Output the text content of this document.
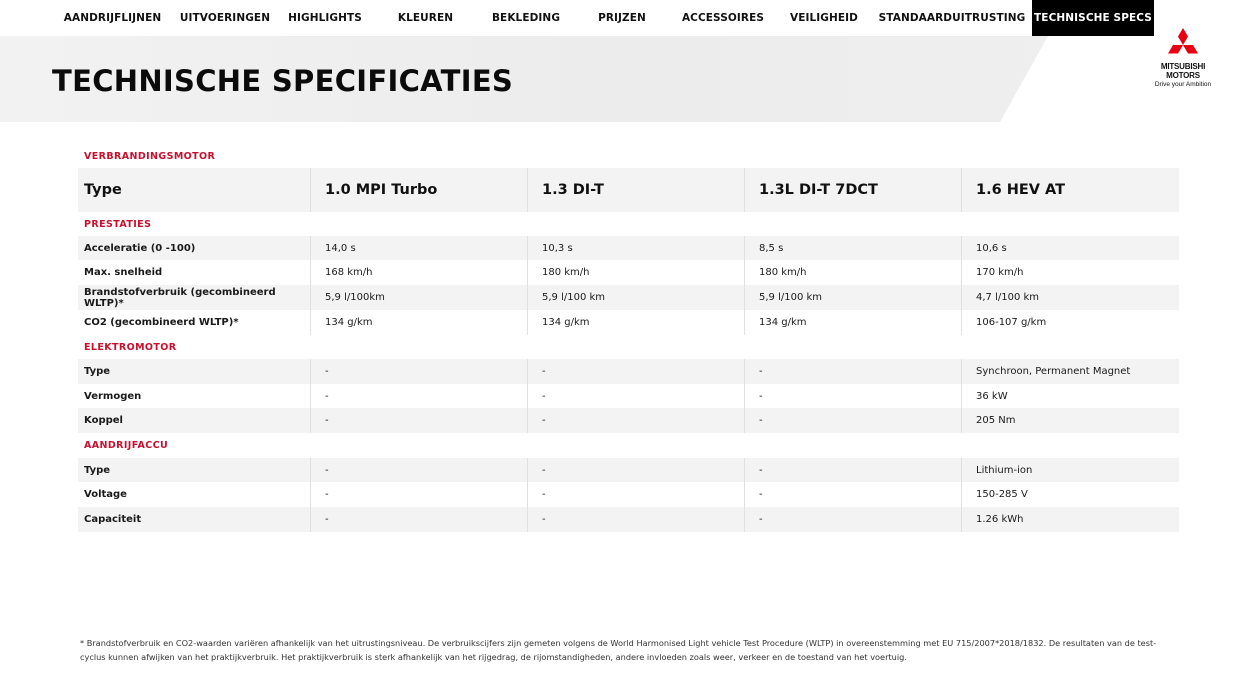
AANDRIJFLIJNEN	UITVOERINGEN	HIGHLIGHTS	KLEUREN	BEKLEDING	PRIJZEN	ACCESSOIRES	VEILIGHEID	STANDAARDUITRUSTING TECHNISCHE SPECS
MITSUBISHI
MOTORS
Drive your Ambition
TECHNISCHE SPECIFICATIES
VERBRANDINGSMOTOR
Type	1.0 MPI Turbo	1.3 DI-T	1.3L DI-T 7DCT	1.6 HEV AT
PRESTATIES
Acceleratie (0 -100)	14,0 s	10,3 s	8,5 s	10,6 s
Max. snelheid	168 km/h	180 km/h	180 km/h	170 km/h
Brandstofverbruik (gecombineerd WLTP)*	5,9 l/100km	5,9 l/100 km	5,9 l/100 km	4,7 l/100 km
CO2 (gecombineerd WLTP)*	134 g/km	134 g/km	134 g/km	106-107 g/km
ELEKTROMOTOR
Type	-	-	-	Synchroon, Permanent Magnet
Vermogen	-	-	-	36 kW
Koppel	-	-	-	205 Nm
AANDRIJFACCU
Type	-	-	-	Lithium-ion
Voltage	-	-	-	150-285 V
Capaciteit	-	-	-	1.26 kWh
* Brandstofverbruik en CO2-waarden variëren afhankelijk van het uitrustingsniveau. De verbruikscijfers zijn gemeten volgens de World Harmonised Light vehicle Test Procedure (WLTP) in overeenstemming met EU 715/2007*2018/1832. De resultaten van de test-
cyclus kunnen afwijken van het praktijkverbruik. Het praktijkverbruik is sterk afhankelijk van het rijgedrag, de rijomstandigheden, andere invloeden zoals weer, verkeer en de toestand van het voertuig.
